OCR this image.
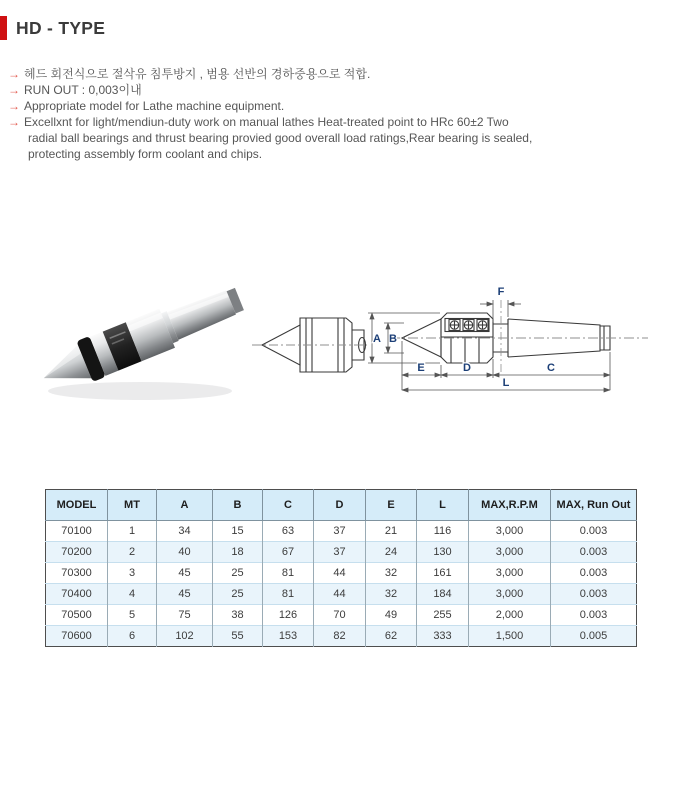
HD - TYPE
→ 헤드 회전식으로 절삭유 침투방지 , 범용 선반의 경하중용으로 적합.
→ RUN OUT : 0,003이내
→ Appropriate model for Lathe machine equipment.
→ Excellxnt for light/mendiun-duty work on manual lathes Heat-treated point to HRc 60±2 Two
radial ball bearings and thrust bearing provied good overall load ratings,Rear bearing is sealed,
protecting assembly form coolant and chips.
A B
F
E	D	C
L
MODEL	MT	A	B	C	D	E	L	MAX,R.P.M	MAX, Run Out
70100	1	34	15	63	37	21	116	3,000	0.003
70200	2	40	18	67	37	24	130	3,000	0.003
70300	3	45	25	81	44	32	161	3,000	0.003
70400	4	45	25	81	44	32	184	3,000	0.003
70500	5	75	38	126	70	49	255	2,000	0.003
70600	6	102	55	153	82	62	333	1,500	0.005
